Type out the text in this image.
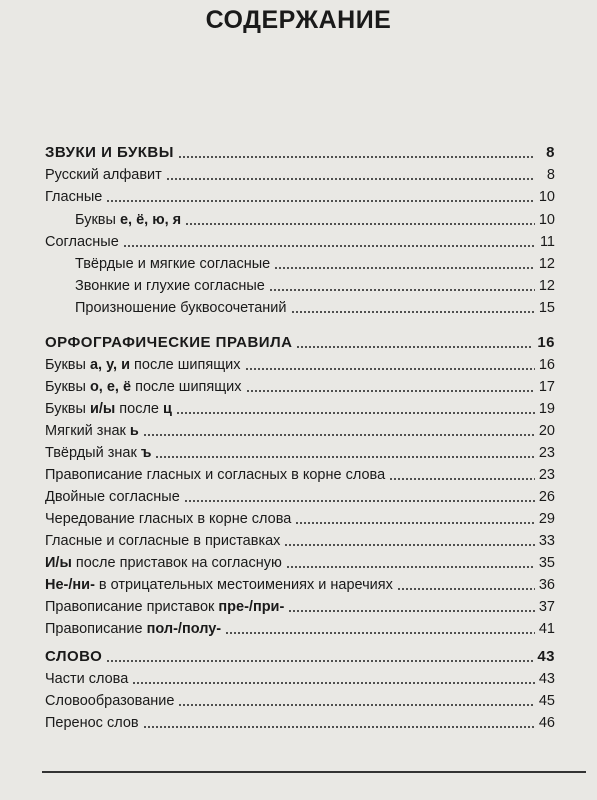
СОДЕРЖАНИЕ
ЗВУКИ И БУКВЫ	8
Русский алфавит	8
Гласные	10
Буквы е, ё, ю, я	10
Согласные	11
Твёрдые и мягкие согласные	12
Звонкие и глухие согласные	12
Произношение буквосочетаний	15
ОРФОГРАФИЧЕСКИЕ ПРАВИЛА	16
Буквы а, у, и после шипящих	16
Буквы о, е, ё после шипящих	17
Буквы и/ы после ц	19
Мягкий знак ь	20
Твёрдый знак ъ	23
Правописание гласных и согласных в корне слова	23
Двойные согласные	26
Чередование гласных в корне слова	29
Гласные и согласные в приставках	33
И/ы после приставок на согласную	35
Не-/ни- в отрицательных местоимениях и наречиях	36
Правописание приставок пре-/при-	37
Правописание пол-/полу-	41
СЛОВО	43
Части слова	43
Словообразование	45
Перенос слов	46
